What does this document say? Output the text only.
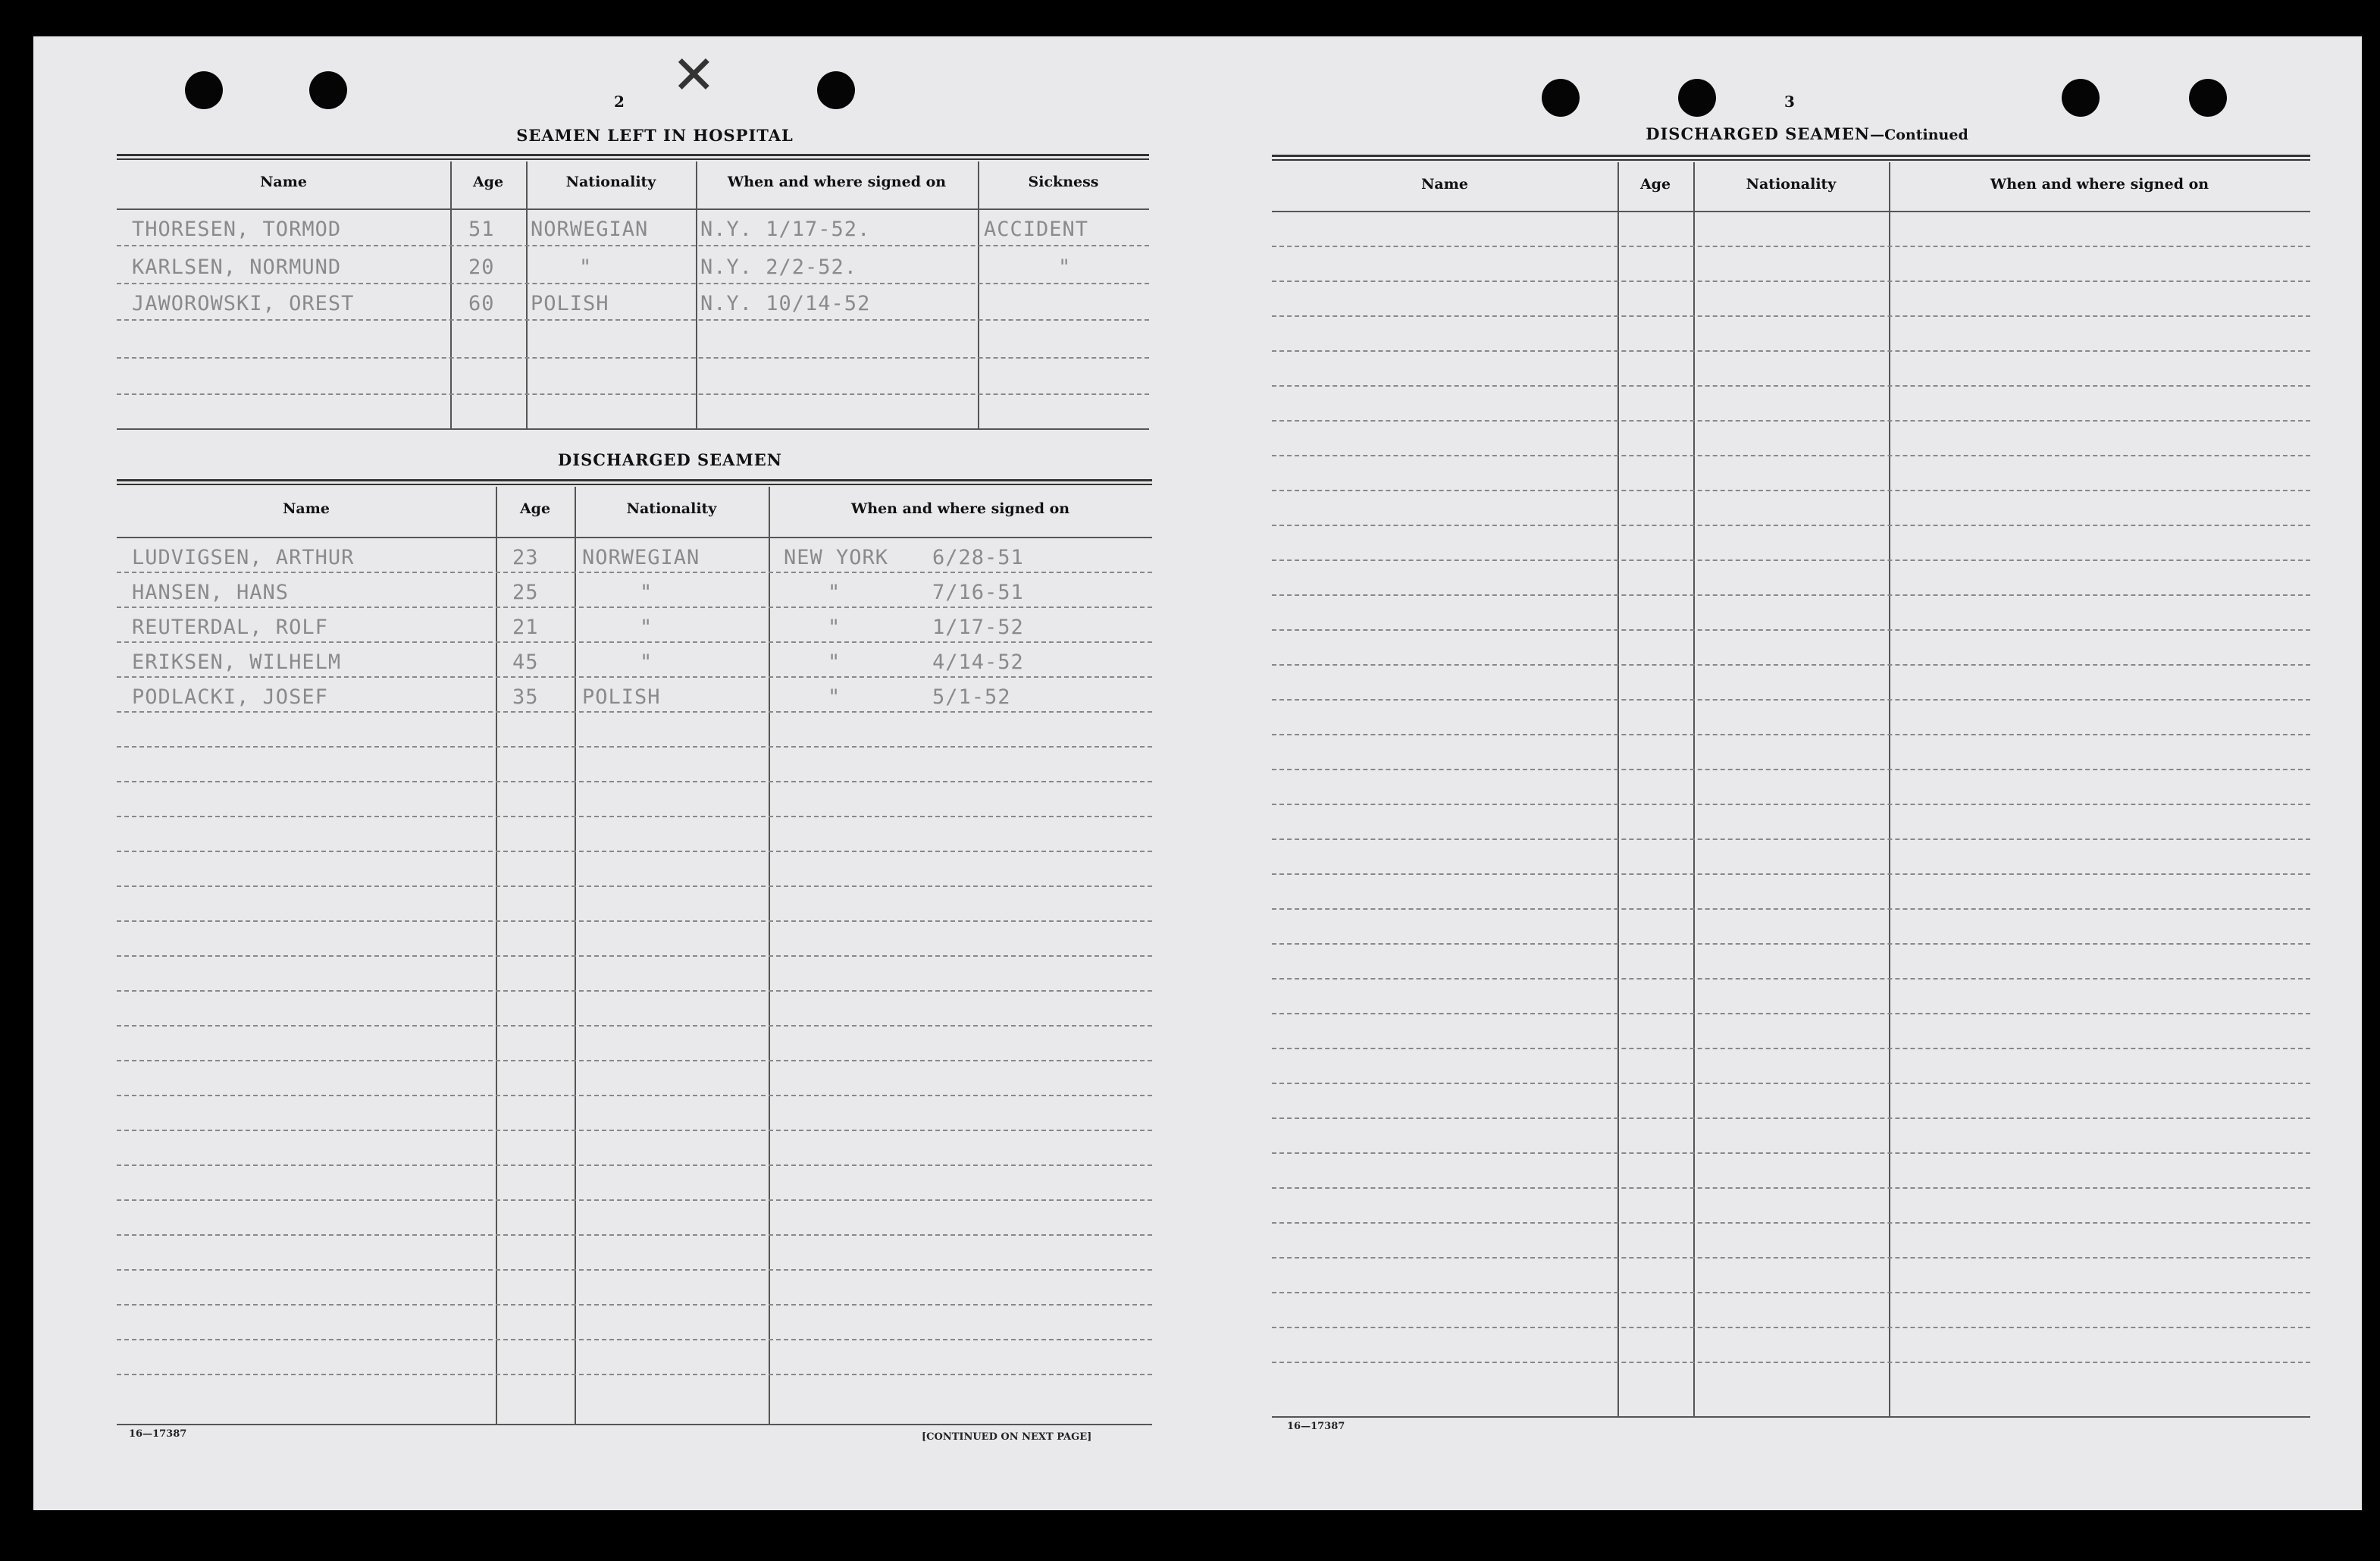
✕
2	3
SEAMEN LEFT IN HOSPITAL
Name	Age	Nationality	When and where signed on	Sickness
THORESEN, TORMOD	51 NORWEGIAN	N.Y. 1/17-52.	ACCIDENT
KARLSEN, NORMUND	20	"	N.Y. 2/2-52.	"
JAWOROWSKI, OREST	60 POLISH	N.Y. 10/14-52
DISCHARGED SEAMEN
Name	Age	Nationality	When and where signed on
LUDVIGSEN, ARTHUR	23 NORWEGIAN	NEW YORK 6/28-51
HANSEN, HANS	25	"	"	7/16-51
REUTERDAL, ROLF	21	"	"	1/17-52
ERIKSEN, WILHELM	45	"	"	4/14-52
PODLACKI, JOSEF	35 POLISH	"	5/1-52
16—17387	[CONTINUED ON NEXT PAGE]
DISCHARGED SEAMEN—Continued
Name	Age	Nationality	When and where signed on
16—17387
